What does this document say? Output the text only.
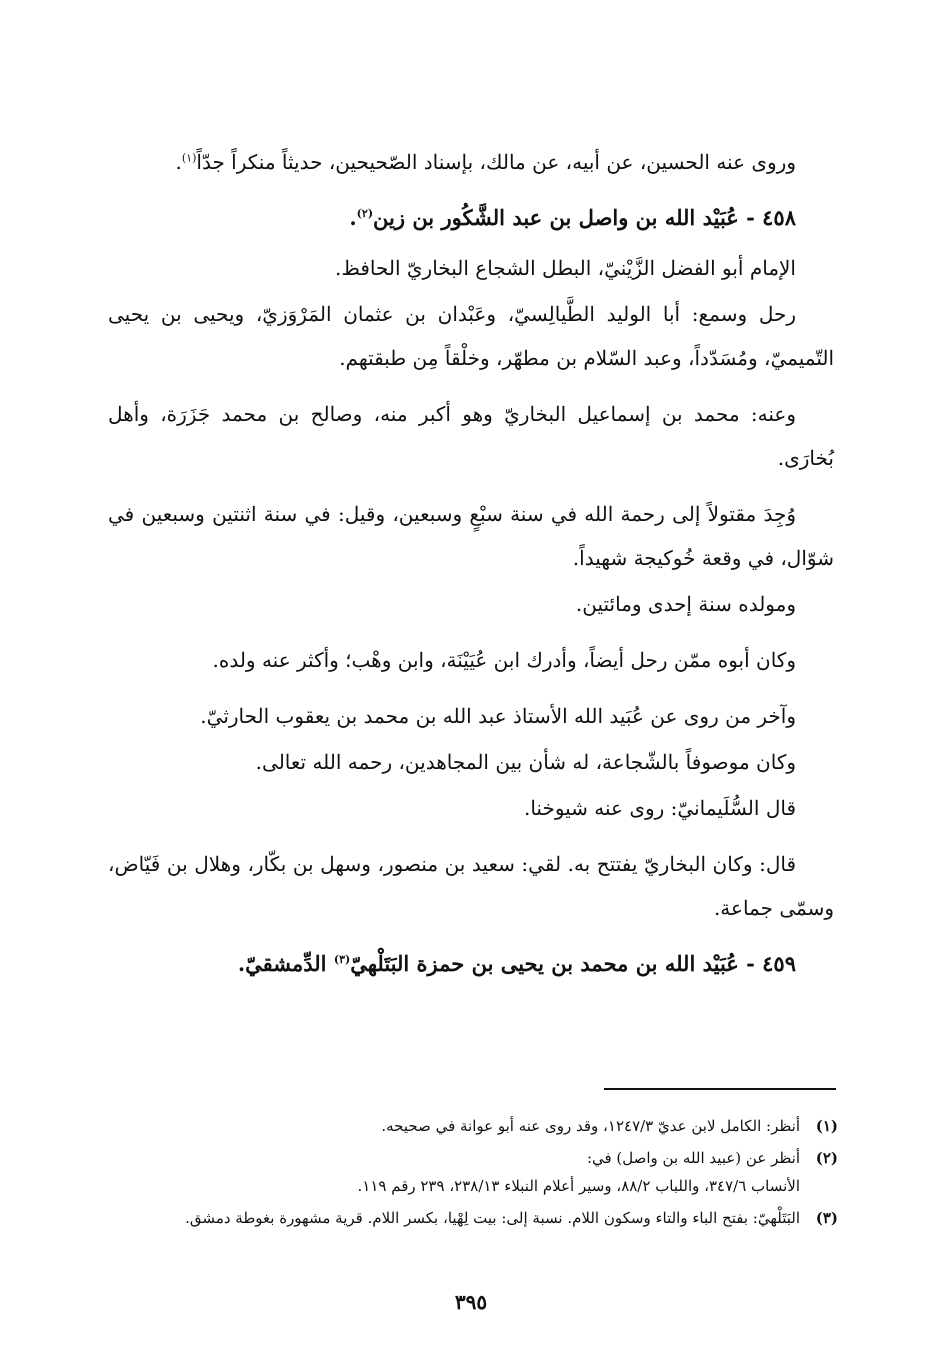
وروى عنه الحسين، عن أبيه، عن مالك، بإسناد الصّحيحين، حديثاً منكراً جدّاً$^{(١)}$.

٤٥٨ - عُبَيْد الله بن واصل بن عبد الشَّكُور بن زين$^{(٢)}$.

الإمام أبو الفضل الزَّيْنيّ، البطل الشجاع البخاريّ الحافظ.

رحل وسمع: أبا الوليد الطَّيالِسيّ، وعَبْدان بن عثمان المَرْوَزيّ، ويحيى بن يحيى التّميميّ، ومُسَدّداً، وعبد السّلام بن مطهّر، وخلْقاً مِن طبقتهم.

وعنه: محمد بن إسماعيل البخاريّ وهو أكبر منه، وصالح بن محمد جَزَرَة، وأهل بُخارَى.

وُجِدَ مقتولاً إلى رحمة الله في سنة سبْعٍ وسبعين، وقيل: في سنة اثنتين وسبعين في شوّال، في وقعة خُوكيجة شهيداً.

ومولده سنة إحدى ومائتين.

وكان أبوه ممّن رحل أيضاً، وأدرك ابن عُيَيْنَة، وابن وهْب؛ وأكثر عنه ولده.

وآخر من روى عن عُبَيد الله الأستاذ عبد الله بن محمد بن يعقوب الحارثيّ.

وكان موصوفاً بالشّجاعة، له شأن بين المجاهدين، رحمه الله تعالى.

قال السُّلَيمانيّ: روى عنه شيوخنا.

قال: وكان البخاريّ يفتتح به. لقي: سعيد بن منصور، وسهل بن بكّار، وهلال بن فَيّاض، وسمّى جماعة.

٤٥٩ - عُبَيْد الله بن محمد بن يحيى بن حمزة البَتَلْهيّ$^{(٣)}$ الدِّمشقيّ.

(١)
أنظر: الكامل لابن عديّ ١٢٤٧/٣، وقد روى عنه أبو عوانة في صحيحه.
(٢)
أنظر عن (عبيد الله بن واصل) في:
الأنساب ٣٤٧/٦، واللباب ٨٨/٢، وسير أعلام النبلاء ٢٣٨/١٣، ٢٣٩ رقم ١١٩.
(٣)
البَتَلْهيّ: بفتح الباء والتاء وسكون اللام. نسبة إلى: بيت لِهْيا، بكسر اللام. قرية مشهورة بغوطة دمشق.
٣٩٥
